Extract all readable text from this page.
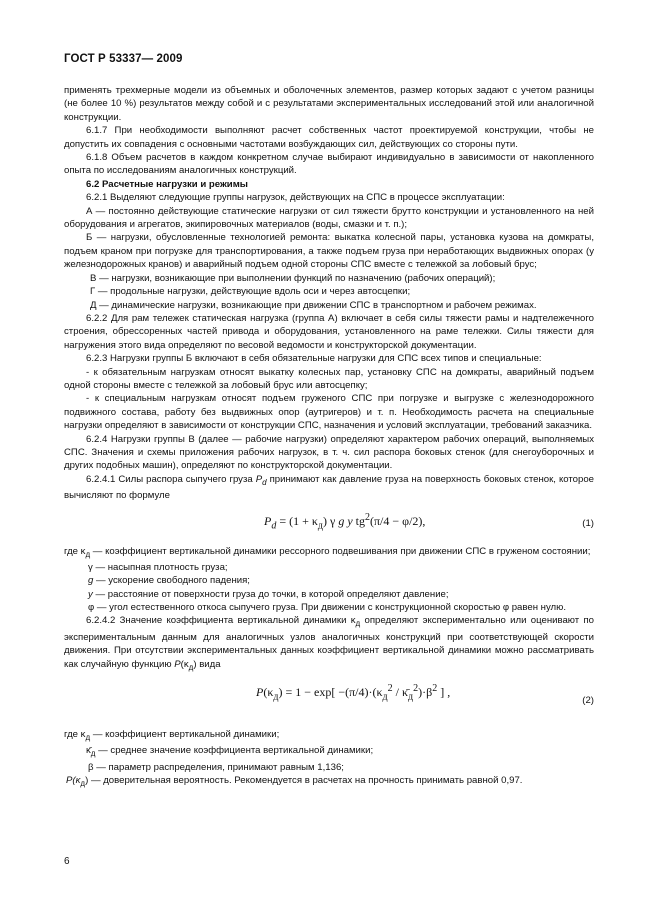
ГОСТ Р 53337— 2009

применять трехмерные модели из объемных и оболочечных элементов, размер которых задают с учетом разницы (не более 10 %) результатов между собой и с результатами экспериментальных исследований этой или аналогичной конструкции.

6.1.7 При необходимости выполняют расчет собственных частот проектируемой конструкции, чтобы не допустить их совпадения с основными частотами возбуждающих сил, действующих со стороны пути.

6.1.8 Объем расчетов в каждом конкретном случае выбирают индивидуально в зависимости от накопленного опыта по исследованиям аналогичных конструкций.

6.2 Расчетные нагрузки и режимы

6.2.1 Выделяют следующие группы нагрузок, действующих на СПС в процессе эксплуатации:

А — постоянно действующие статические нагрузки от сил тяжести брутто конструкции и установленного на ней оборудования и агрегатов, экипировочных материалов (воды, смазки и т. п.);

Б — нагрузки, обусловленные технологией ремонта: выкатка колесной пары, установка кузова на домкраты, подъем краном при погрузке для транспортирования, а также подъем груза при неработающих выдвижных опорах (у железнодорожных кранов) и аварийный подъем одной стороны СПС вместе с тележкой за лобовый брус;

В — нагрузки, возникающие при выполнении функций по назначению (рабочих операций);

Г — продольные нагрузки, действующие вдоль оси и через автосцепки;

Д — динамические нагрузки, возникающие при движении СПС в транспортном и рабочем режимах.

6.2.2 Для рам тележек статическая нагрузка (группа А) включает в себя силы тяжести рамы и надтележечного строения, обрессоренных частей привода и оборудования, установленного на раме тележки. Силы тяжести для нагружения этого вида определяют по весовой ведомости и конструкторской документации.

6.2.3 Нагрузки группы Б включают в себя обязательные нагрузки для СПС всех типов и специальные:

- к обязательным нагрузкам относят выкатку колесных пар, установку СПС на домкраты, аварийный подъем одной стороны вместе с тележкой за лобовый брус или автосцепку;

- к специальным нагрузкам относят подъем груженого СПС при погрузке и выгрузке с железнодорожного подвижного состава, работу без выдвижных опор (аутригеров) и т. п. Необходимость расчета на специальные нагрузки определяют в зависимости от конструкции СПС, назначения и условий эксплуатации, требований заказчика.

6.2.4 Нагрузки группы В (далее — рабочие нагрузки) определяют характером рабочих операций, выполняемых СПС. Значения и схемы приложения рабочих нагрузок, в т. ч. сил распора боковых стенок (для снегоуборочных и других подобных машин), определяют по конструкторской документации.

6.2.4.1 Силы распора сыпучего груза $P_d$ принимают как давление груза на поверхность боковых стенок, которое вычисляют по формуле

$P_d = (1 + \kappa_д)$ γ g y $tg^2(\pi/4 - \varphi/2)$,	(1)

где $\kappa_д$ — коэффициент вертикальной динамики рессорного подвешивания при движении СПС в груженом состоянии;

γ — насыпная плотность груза;

g — ускорение свободного падения;

y — расстояние от поверхности груза до точки, в которой определяют давление;

φ — угол естественного откоса сыпучего груза. При движении с конструкционной скоростью φ равен нулю.

6.2.4.2 Значение коэффициента вертикальной динамики $\kappa_д$ определяют экспериментально или оценивают по экспериментальным данным для аналогичных узлов аналогичных конструкций при соответствующей скорости движения. При отсутствии экспериментальных данных коэффициент вертикальной динамики можно рассматривать как случайную функцию $P(\kappa_д)$ вида

$P(\kappa_д) = 1 - \exp[ -(\pi/4)\cdot(\kappa_д^2$ / $\kappā_д^2)\cdot\beta^2$ ] ,
(2)

где $\kappa_д$ — коэффициент вертикальной динамики;

$\kappā_д$ — среднее значение коэффициента вертикальной динамики;

β — параметр распределения, принимают равным 1,136;

$P(\kappa_д)$ — доверительная вероятность. Рекомендуется в расчетах на прочность принимать равной 0,97.

6
